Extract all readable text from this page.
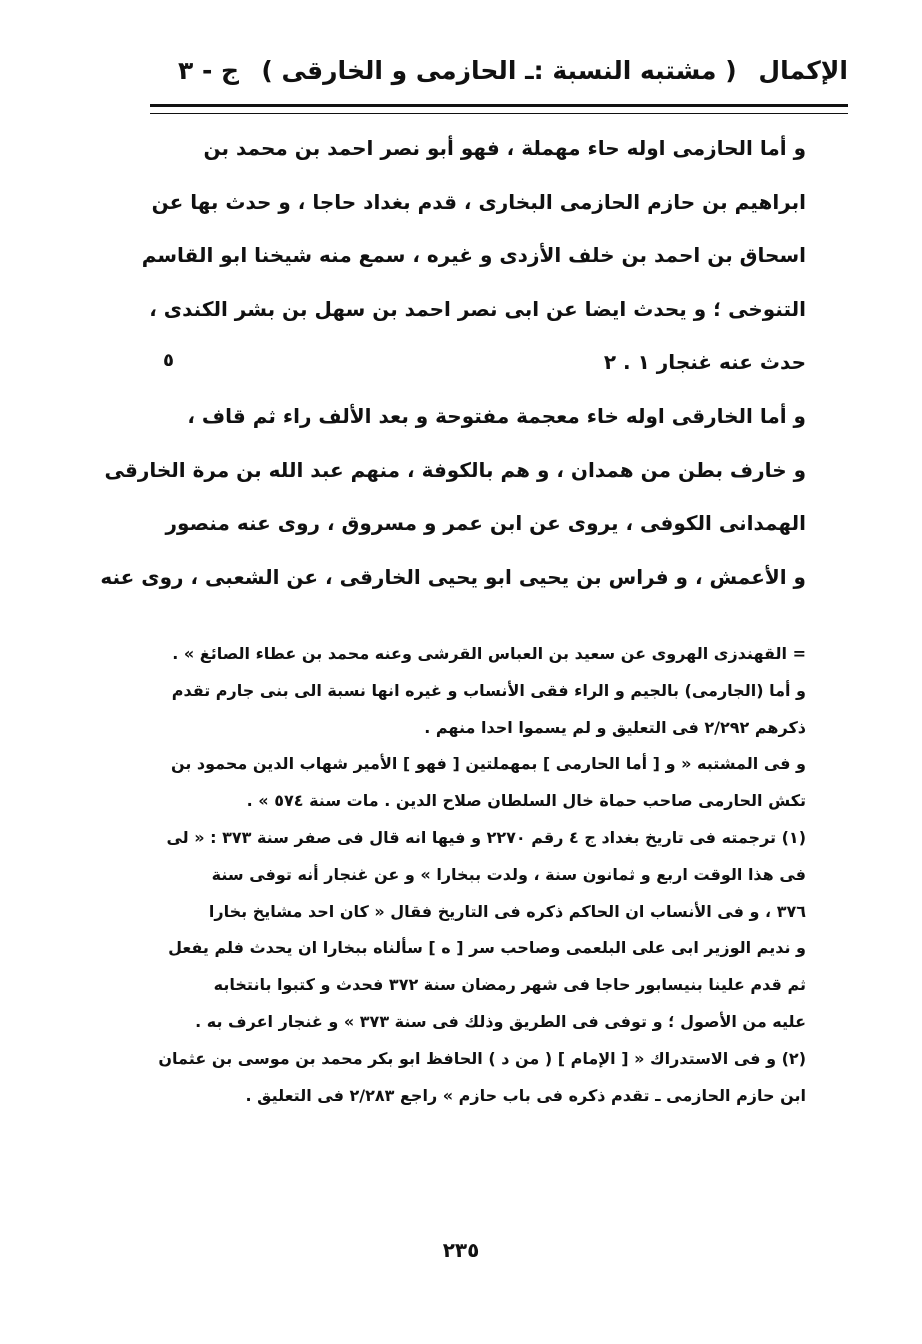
الإكمال
( مشتبه النسبة :ـ الحازمى و الخارقى )
ج - ٣
و أما الحازمى اوله حاء مهملة ، فهو أبو نصر احمد بن محمد بن
ابراهيم بن حازم الحازمى البخارى ، قدم بغداد حاجا ، و حدث بها عن
اسحاق بن احمد بن خلف الأزدى و غيره ، سمع منه شيخنا ابو القاسم
التنوخى ؛ و يحدث ايضا عن ابى نصر احمد بن سهل بن بشر الكندى ،
حدث عنه غنجار ١ . ٢
و أما الخارقى اوله خاء معجمة مفتوحة و بعد الألف راء ثم قاف ،
و خارف بطن من همدان ، و هم بالكوفة ، منهم عبد الله بن مرة الخارقى
الهمدانى الكوفى ، يروى عن ابن عمر و مسروق ، روى عنه منصور
و الأعمش ، و فراس بن يحيى ابو يحيى الخارقى ، عن الشعبى ، روى عنه
٥
= القهندزى الهروى عن سعيد بن العباس القرشى وعنه محمد بن عطاء الصائغ » .
و أما (الجارمى) بالجيم و الراء فقى الأنساب و غيره انها نسبة الى بنى جارم تقدم
ذكرهم ٢/٢٩٢ فى التعليق و لم يسموا احدا منهم .
و فى المشتبه « و [ أما الحارمى ] بمهملتين [ فهو ] الأمير شهاب الدين محمود بن
تكش الحارمى صاحب حماة خال السلطان صلاح الدين . مات سنة ٥٧٤ » .
(١) ترجمته فى تاريخ بغداد ج ٤ رقم ٢٢٧٠ و فيها انه قال فى صفر سنة ٣٧٣ : « لى
فى هذا الوقت اربع و ثمانون سنة ، ولدت ببخارا » و عن غنجار أنه توفى سنة
٣٧٦ ، و فى الأنساب ان الحاكم ذكره فى التاريخ فقال « كان احد مشايخ بخارا
و نديم الوزير ابى على البلعمى وصاحب سر [ ه ] سألناه ببخارا ان يحدث فلم يفعل
ثم قدم علينا بنيسابور حاجا فى شهر رمضان سنة ٣٧٢ فحدث و كتبوا بانتخابه
عليه من الأصول ؛ و توفى فى الطريق وذلك فى سنة ٣٧٣ » و غنجار اعرف به .
(٢) و فى الاستدراك « [ الإمام ] ( من د ) الحافظ ابو بكر محمد بن موسى بن عثمان
ابن حازم الحازمى ـ تقدم ذكره فى باب حازم » راجع ٢/٢٨٣ فى التعليق .
٢٣٥
